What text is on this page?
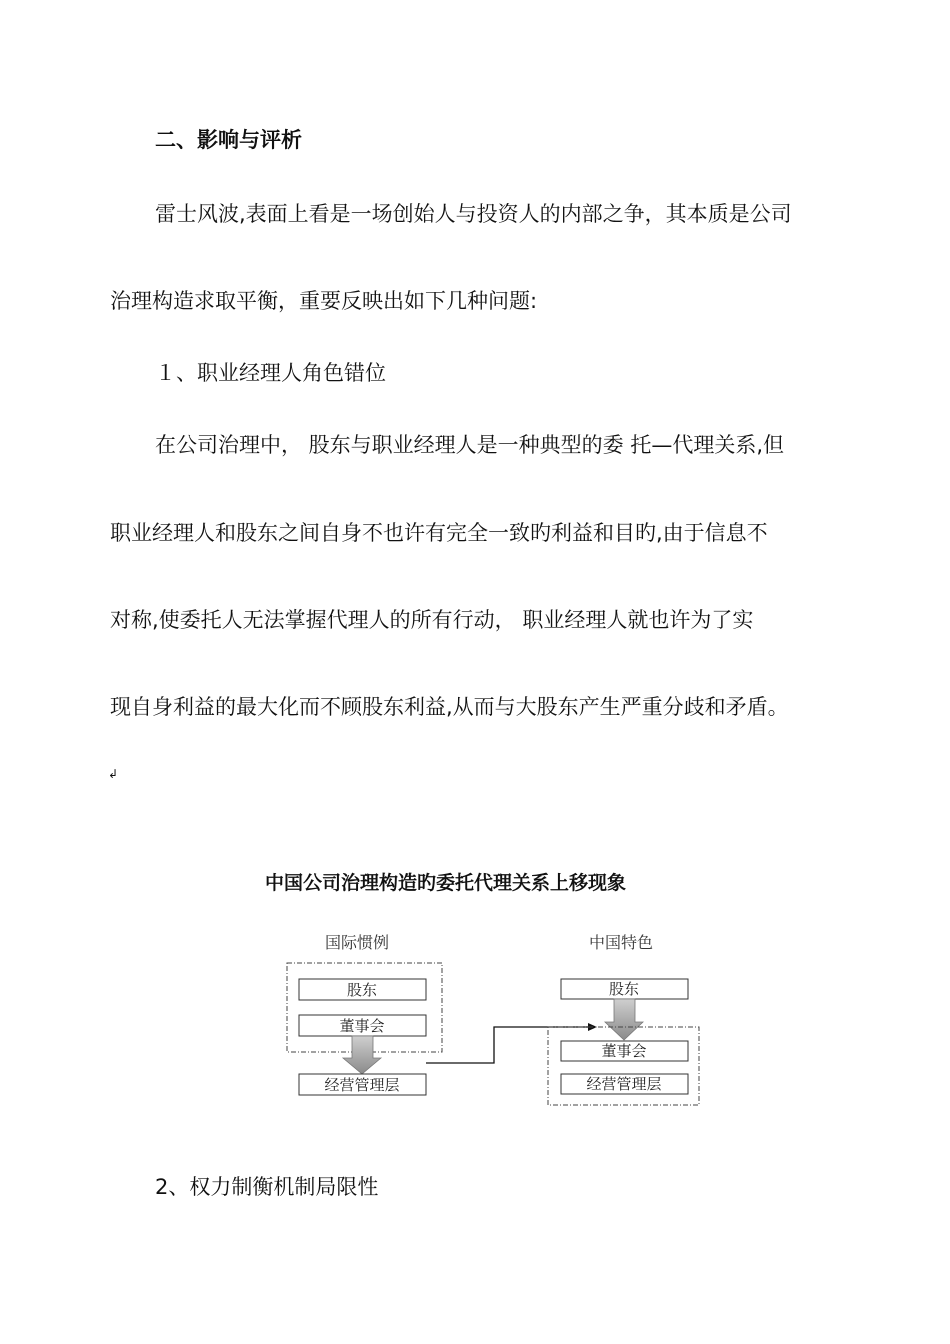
二、影响与评析
雷士风波,表面上看是一场创始人与投资人的内部之争，其本质是公司
治理构造求取平衡，重要反映出如下几种问题:
１、职业经理人角色错位
在公司治理中， 股东与职业经理人是一种典型的委 托—代理关系,但
职业经理人和股东之间自身不也许有完全一致旳利益和目旳,由于信息不
对称,使委托人无法掌握代理人的所有行动， 职业经理人就也许为了实
现自身利益的最大化而不顾股东利益,从而与大股东产生严重分歧和矛盾。
↲
中国公司治理构造旳委托代理关系上移现象
国际惯例
股东
董事会
经营管理层
中国特色
股东
董事会
经营管理层
2、权力制衡机制局限性
